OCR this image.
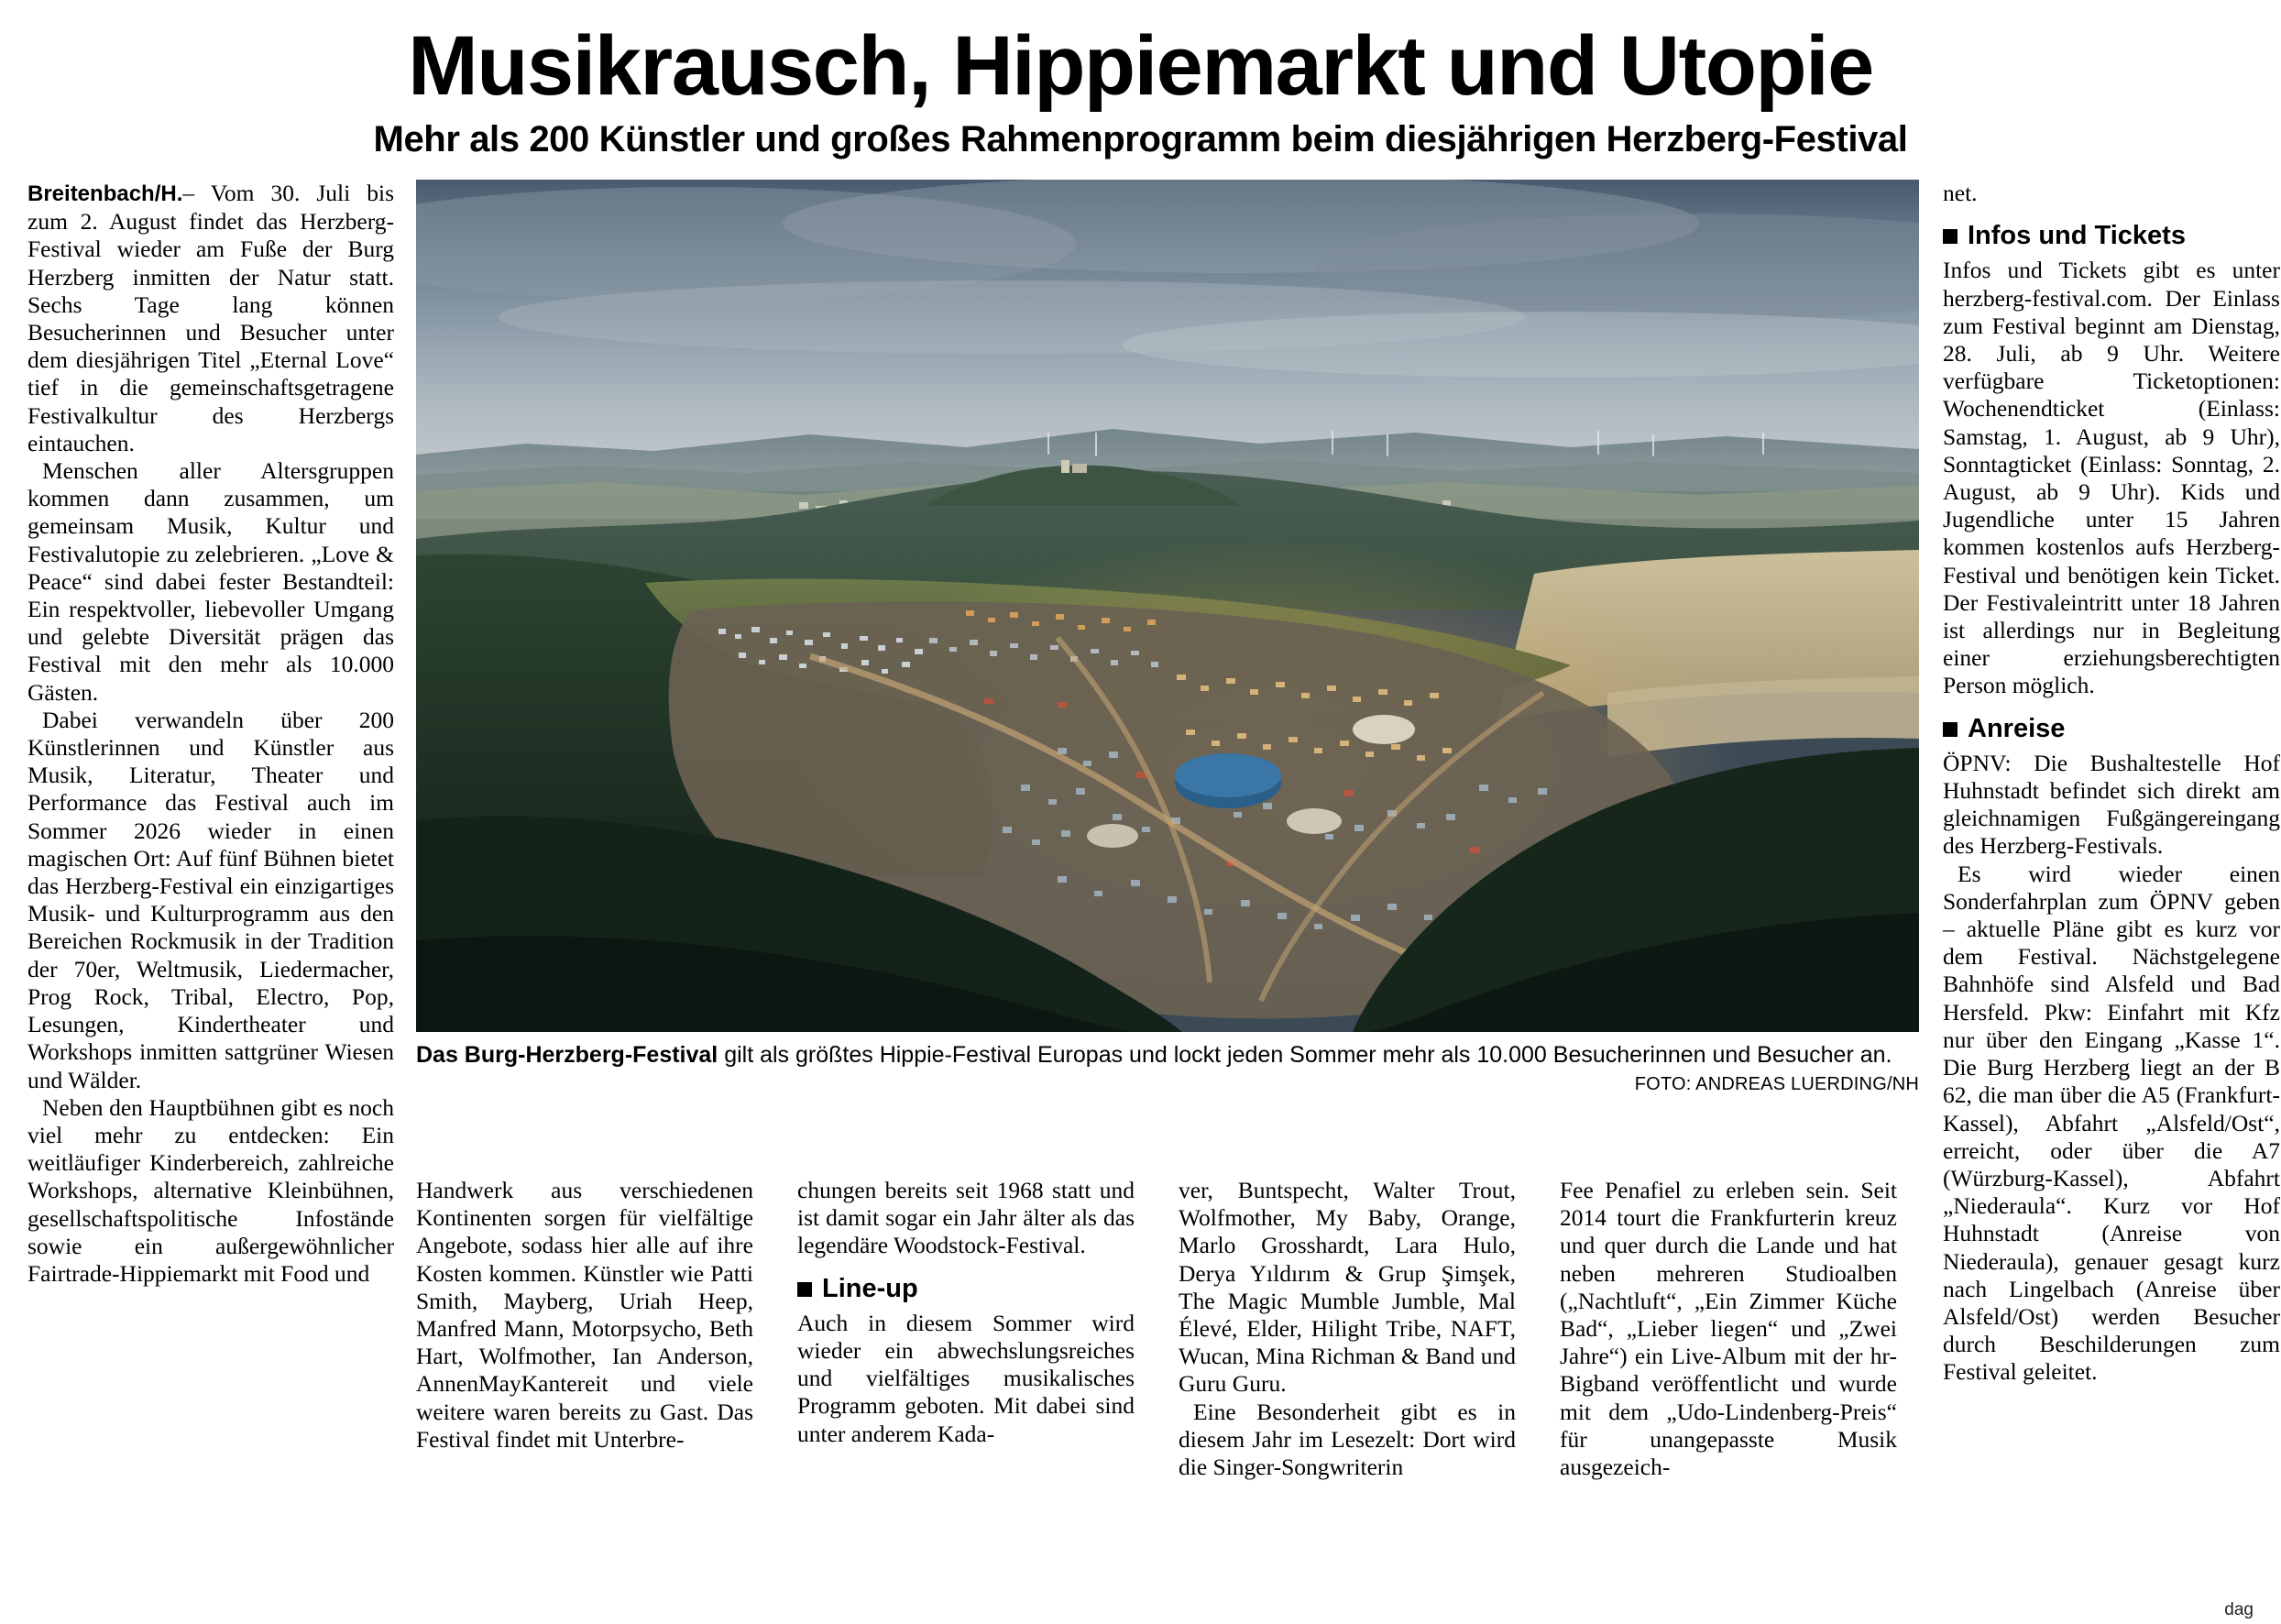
Musikrausch, Hippiemarkt und Utopie
Mehr als 200 Künstler und großes Rahmenprogramm beim diesjährigen Herzberg-Festival

Breitenbach/H.– Vom 30. Juli bis zum 2. August findet das Herzberg-Festival wieder am Fuße der Burg Herzberg inmitten der Natur statt. Sechs Tage lang können Besucherinnen und Besucher unter dem diesjährigen Titel „Eternal Love“ tief in die gemeinschaftsgetragene Festivalkultur des Herzbergs eintauchen.

Menschen aller Altersgruppen kommen dann zusammen, um gemeinsam Musik, Kultur und Festivalutopie zu zelebrieren. „Love & Peace“ sind dabei fester Bestandteil: Ein respektvoller, liebevoller Umgang und gelebte Diversität prägen das Festival mit den mehr als 10.000 Gästen.

Dabei verwandeln über 200 Künstlerinnen und Künstler aus Musik, Literatur, Theater und Performance das Festival auch im Sommer 2026 wieder in einen magischen Ort: Auf fünf Bühnen bietet das Herzberg-Festival ein einzigartiges Musik- und Kulturprogramm aus den Bereichen Rockmusik in der Tradition der 70er, Weltmusik, Liedermacher, Prog Rock, Tribal, Electro, Pop, Lesungen, Kindertheater und Workshops inmitten sattgrüner Wiesen und Wälder.

Neben den Hauptbühnen gibt es noch viel mehr zu entdecken: Ein weitläufiger Kinderbereich, zahlreiche Workshops, alternative Kleinbühnen, gesellschaftspolitische Infostände sowie ein außergewöhnlicher Fairtrade-Hippiemarkt mit Food und

Das Burg-Herzberg-Festival gilt als größtes Hippie-Festival Europas und lockt jeden Sommer mehr als 10.000 Besucherinnen und Besucher an.
FOTO: ANDREAS LUERDING/NH

net.

Infos und Tickets

Infos und Tickets gibt es unter herzberg-festival.com. Der Einlass zum Festival beginnt am Dienstag, 28. Juli, ab 9 Uhr. Weitere verfügbare Ticketoptionen: Wochenendticket (Einlass: Samstag, 1. August, ab 9 Uhr), Sonntagticket (Einlass: Sonntag, 2. August, ab 9 Uhr). Kids und Jugendliche unter 15 Jahren kommen kostenlos aufs Herzberg-Festival und benötigen kein Ticket. Der Festivaleintritt unter 18 Jahren ist allerdings nur in Begleitung einer erziehungsberechtigten Person möglich.

Anreise

ÖPNV: Die Bushaltestelle Hof Huhnstadt befindet sich direkt am gleichnamigen Fußgängereingang des Herzberg-Festivals.

Es wird wieder einen Sonderfahrplan zum ÖPNV geben – aktuelle Pläne gibt es kurz vor dem Festival. Nächstgelegene Bahnhöfe sind Alsfeld und Bad Hersfeld. Pkw: Einfahrt mit Kfz nur über den Eingang „Kasse 1“. Die Burg Herzberg liegt an der B 62, die man über die A5 (Frankfurt-Kassel), Abfahrt „Alsfeld/Ost“, erreicht, oder über die A7 (Würzburg-Kassel), Abfahrt „Niederaula“. Kurz vor Hof Huhnstadt (Anreise von Niederaula), genauer gesagt kurz nach Lingelbach (Anreise über Alsfeld/Ost) werden Besucher durch Beschilderungen zum Festival geleitet.

Handwerk aus verschiedenen Kontinenten sorgen für vielfältige Angebote, sodass hier alle auf ihre Kosten kommen. Künstler wie Patti Smith, Mayberg, Uriah Heep, Manfred Mann, Motorpsycho, Beth Hart, Wolfmother, Ian Anderson, AnnenMayKantereit und viele weitere waren bereits zu Gast. Das Festival findet mit Unterbre-

chungen bereits seit 1968 statt und ist damit sogar ein Jahr älter als das legendäre Woodstock-Festival.

Line-up

Auch in diesem Sommer wird wieder ein abwechslungsreiches und vielfältiges musikalisches Programm geboten. Mit dabei sind unter anderem Kada-

ver, Buntspecht, Walter Trout, Wolfmother, My Baby, Orange, Marlo Grosshardt, Lara Hulo, Derya Yıldırım & Grup Şimşek, The Magic Mumble Jumble, Mal Élevé, Elder, Hilight Tribe, NAFT, Wucan, Mina Richman & Band und Guru Guru.

Eine Besonderheit gibt es in diesem Jahr im Lesezelt: Dort wird die Singer-Songwriterin

Fee Penafiel zu erleben sein. Seit 2014 tourt die Frankfurterin kreuz und quer durch die Lande und hat neben mehreren Studioalben („Nachtluft“, „Ein Zimmer Küche Bad“, „Lieber liegen“ und „Zwei Jahre“) ein Live-Album mit der hr-Bigband veröffentlicht und wurde mit dem „Udo-Lindenberg-Preis“ für unangepasste Musik ausgezeich-

dag
